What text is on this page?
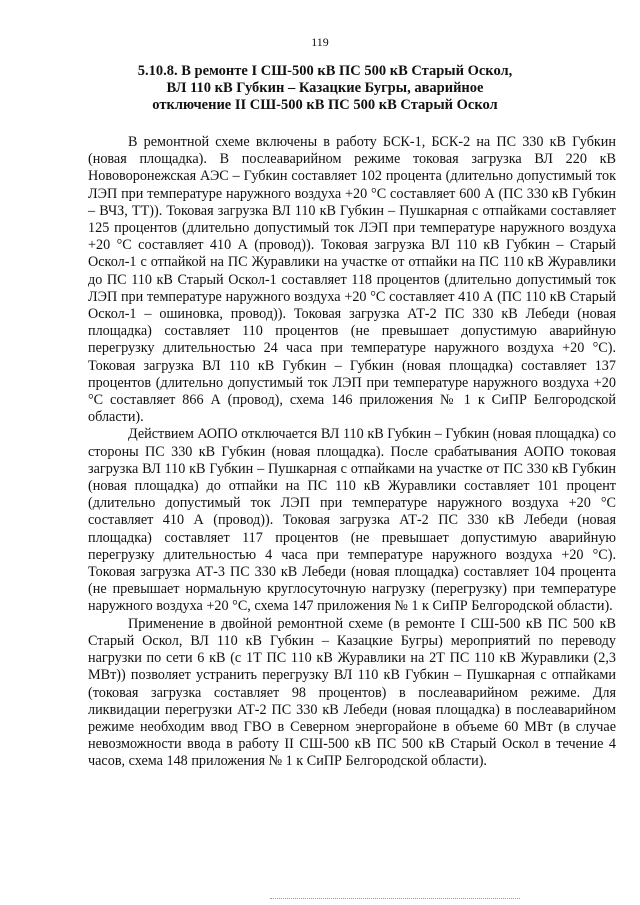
119
5.10.8. В ремонте I СШ-500 кВ ПС 500 кВ Старый Оскол,
ВЛ 110 кВ Губкин – Казацкие Бугры, аварийное
отключение II СШ-500 кВ ПС 500 кВ Старый Оскол

В ремонтной схеме включены в работу БСК-1, БСК-2 на ПС 330 кВ Губкин (новая площадка). В послеаварийном режиме токовая загрузка ВЛ 220 кВ Нововоронежская АЭС – Губкин составляет 102 процента (длительно допустимый ток ЛЭП при температуре наружного воздуха +20 °С составляет 600 А (ПС 330 кВ Губкин – ВЧЗ, ТТ)). Токовая загрузка ВЛ 110 кВ Губкин – Пушкарная с отпайками составляет 125 процентов (длительно допустимый ток ЛЭП при температуре наружного воздуха +20 °С составляет 410 А (провод)). Токовая загрузка ВЛ 110 кВ Губкин – Старый Оскол-1 с отпайкой на ПС Журавлики на участке от отпайки на ПС 110 кВ Журавлики до ПС 110 кВ Старый Оскол-1 составляет 118 процентов (длительно допустимый ток ЛЭП при температуре наружного воздуха +20 °С составляет 410 А (ПС 110 кВ Старый Оскол-1 – ошиновка, провод)). Токовая загрузка АТ-2 ПС 330 кВ Лебеди (новая площадка) составляет 110 процентов (не превышает допустимую аварийную перегрузку длительностью 24 часа при температуре наружного воздуха +20 °С). Токовая загрузка ВЛ 110 кВ Губкин – Губкин (новая площадка) составляет 137 процентов (длительно допустимый ток ЛЭП при температуре наружного воздуха +20 °С составляет 866 А (провод), схема 146 приложения № 1 к СиПР Белгородской области).

Действием АОПО отключается ВЛ 110 кВ Губкин – Губкин (новая площадка) со стороны ПС 330 кВ Губкин (новая площадка). После срабатывания АОПО токовая загрузка ВЛ 110 кВ Губкин – Пушкарная с отпайками на участке от ПС 330 кВ Губкин (новая площадка) до отпайки на ПС 110 кВ Журавлики составляет 101 процент (длительно допустимый ток ЛЭП при температуре наружного воздуха +20 °С составляет 410 А (провод)). Токовая загрузка АТ-2 ПС 330 кВ Лебеди (новая площадка) составляет 117 процентов (не превышает допустимую аварийную перегрузку длительностью 4 часа при температуре наружного воздуха +20 °С). Токовая загрузка АТ-3 ПС 330 кВ Лебеди (новая площадка) составляет 104 процента (не превышает нормальную круглосуточную нагрузку (перегрузку) при температуре наружного воздуха +20 °С, схема 147 приложения № 1 к СиПР Белгородской области).

Применение в двойной ремонтной схеме (в ремонте I СШ-500 кВ ПС 500 кВ Старый Оскол, ВЛ 110 кВ Губкин – Казацкие Бугры) мероприятий по переводу нагрузки по сети 6 кВ (с 1Т ПС 110 кВ Журавлики на 2Т ПС 110 кВ Журавлики (2,3 МВт)) позволяет устранить перегрузку ВЛ 110 кВ Губкин – Пушкарная с отпайками (токовая загрузка составляет 98 процентов) в послеаварийном режиме. Для ликвидации перегрузки АТ-2 ПС 330 кВ Лебеди (новая площадка) в послеаварийном режиме необходим ввод ГВО в Северном энергорайоне в объеме 60 МВт (в случае невозможности ввода в работу II СШ-500 кВ ПС 500 кВ Старый Оскол в течение 4 часов, схема 148 приложения № 1 к СиПР Белгородской области).
